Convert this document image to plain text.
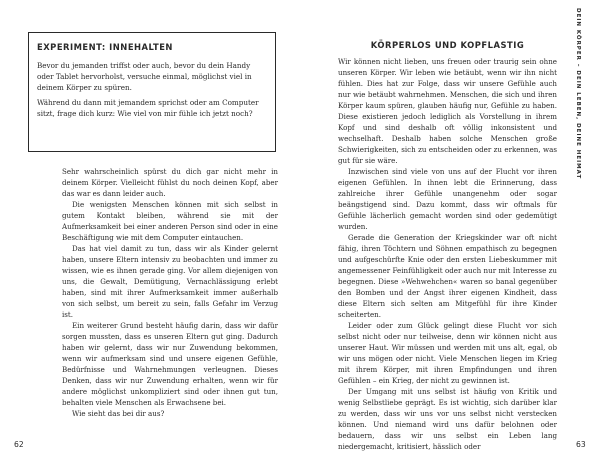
EXPERIMENT: INNEHALTEN

Bevor du jemanden triffst oder auch, bevor du dein Handy oder Tablet hervorholst, versuche einmal, möglichst viel in deinem Körper zu spüren.

Während du dann mit jemandem sprichst oder am Computer sitzt, frage dich kurz: Wie viel von mir fühle ich jetzt noch?

Sehr wahrscheinlich spürst du dich gar nicht mehr in deinem Körper. Vielleicht fühlst du noch deinen Kopf, aber das war es dann leider auch.

Die wenigsten Menschen können mit sich selbst in gutem Kontakt bleiben, während sie mit der Aufmerksamkeit bei einer anderen Person sind oder in eine Beschäftigung wie mit dem Computer eintauchen.

Das hat viel damit zu tun, dass wir als Kinder gelernt haben, unsere Eltern intensiv zu beobachten und immer zu wissen, wie es ihnen gerade ging. Vor allem diejenigen von uns, die Gewalt, Demütigung, Vernachlässigung erlebt haben, sind mit ihrer Aufmerksamkeit immer außerhalb von sich selbst, um bereit zu sein, falls Gefahr im Verzug ist.

Ein weiterer Grund besteht häufig darin, dass wir dafür sorgen mussten, dass es unseren Eltern gut ging. Dadurch haben wir gelernt, dass wir nur Zuwendung bekommen, wenn wir aufmerksam sind und unsere eigenen Gefühle, Bedürfnisse und Wahrnehmungen verleugnen. Dieses Denken, dass wir nur Zuwendung erhalten, wenn wir für andere möglichst unkompliziert sind oder ihnen gut tun, behalten viele Menschen als Erwachsene bei.

Wie sieht das bei dir aus?

62
DEIN KÖRPER – DEIN LEBEN, DEINE HEIMAT
KÖRPERLOS UND KOPFLASTIG

Wir können nicht lieben, uns freuen oder traurig sein ohne unseren Körper. Wir leben wie betäubt, wenn wir ihn nicht fühlen. Dies hat zur Folge, dass wir unsere Gefühle auch nur wie betäubt wahrnehmen. Menschen, die sich und ihren Körper kaum spüren, glauben häufig nur, Gefühle zu haben. Diese existieren jedoch lediglich als Vorstellung in ihrem Kopf und sind deshalb oft völlig inkonsistent und wechselhaft. Deshalb haben solche Menschen große Schwierigkeiten, sich zu entscheiden oder zu erkennen, was gut für sie wäre.

Inzwischen sind viele von uns auf der Flucht vor ihren eigenen Gefühlen. In ihnen lebt die Erinnerung, dass zahlreiche ihrer Gefühle unangenehm oder sogar beängstigend sind. Dazu kommt, dass wir oftmals für Gefühle lächerlich gemacht worden sind oder gedemütigt wurden.

Gerade die Generation der Kriegskinder war oft nicht fähig, ihren Töchtern und Söhnen empathisch zu begegnen und aufgeschürfte Knie oder den ersten Liebeskummer mit angemessener Feinfühligkeit oder auch nur mit Interesse zu begegnen. Diese »Wehwehchen« waren so banal gegenüber den Bomben und der Angst ihrer eigenen Kindheit, dass diese Eltern sich selten am Mitgefühl für ihre Kinder scheiterten.

Leider oder zum Glück gelingt diese Flucht vor sich selbst nicht oder nur teilweise, denn wir können nicht aus unserer Haut. Wir müssen und werden mit uns alt, egal, ob wir uns mögen oder nicht. Viele Menschen liegen im Krieg mit ihrem Körper, mit ihren Empfindungen und ihren Gefühlen – ein Krieg, der nicht zu gewinnen ist.

Der Umgang mit uns selbst ist häufig von Kritik und wenig Selbstliebe geprägt. Es ist wichtig, sich darüber klar zu werden, dass wir uns vor uns selbst nicht verstecken können. Und niemand wird uns dafür belohnen oder bedauern, dass wir uns selbst ein Leben lang niedergemacht, kritisiert, hässlich oder	63
